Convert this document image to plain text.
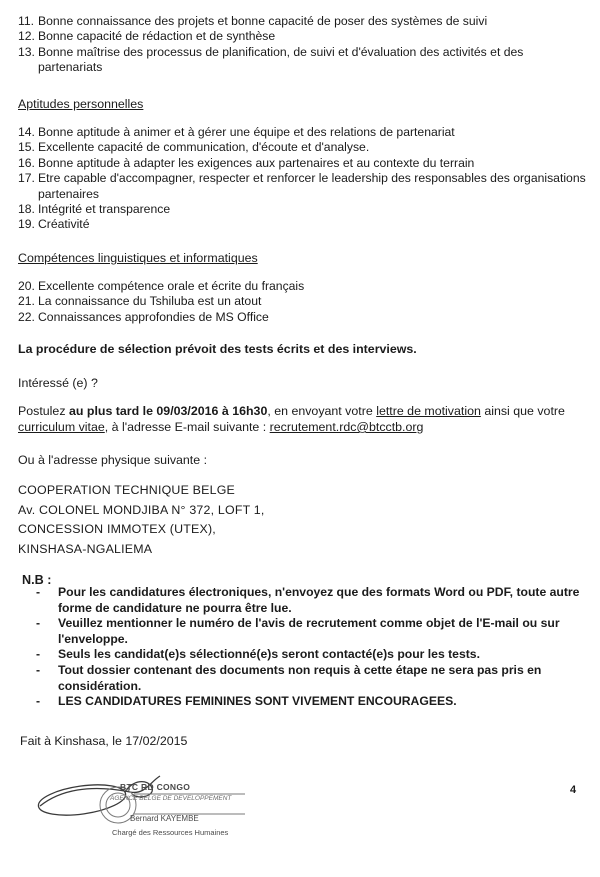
11. Bonne connaissance des projets et bonne capacité de poser des systèmes de suivi
12. Bonne capacité de rédaction et de synthèse
13. Bonne maîtrise des processus de planification, de suivi et d'évaluation des activités et des partenariats
Aptitudes personnelles
14. Bonne aptitude à animer et à gérer une équipe et des relations de partenariat
15. Excellente capacité de communication, d'écoute et d'analyse.
16. Bonne aptitude à adapter les exigences aux partenaires et au contexte du terrain
17. Etre capable d'accompagner, respecter et renforcer le leadership des responsables des organisations partenaires
18. Intégrité et transparence
19. Créativité
Compétences linguistiques et informatiques
20. Excellente compétence orale et écrite du français
21. La connaissance du Tshiluba est un atout
22. Connaissances approfondies de MS Office

La procédure de sélection prévoit des tests écrits et des interviews.

Intéressé (e) ?

Postulez au plus tard le 09/03/2016 à 16h30, en envoyant votre lettre de motivation ainsi que votre curriculum vitae, à l'adresse E-mail suivante : recrutement.rdc@btcctb.org

Ou à l'adresse physique suivante :

COOPERATION TECHNIQUE BELGE
Av. COLONEL MONDJIBA N° 372, LOFT 1,
CONCESSION IMMOTEX (UTEX),
KINSHASA-NGALIEMA
N.B :
- Pour les candidatures électroniques, n'envoyez que des formats Word ou PDF, toute autre forme de candidature ne pourra être lue.
- Veuillez mentionner le numéro de l'avis de recrutement comme objet de l'E-mail ou sur l'enveloppe.
- Seuls les candidat(e)s sélectionné(e)s seront contacté(e)s pour les tests.
- Tout dossier contenant des documents non requis à cette étape ne sera pas pris en considération.
- LES CANDIDATURES FEMININES SONT VIVEMENT ENCOURAGEES.
Fait à Kinshasa, le 17/02/2015
4
BTC RD CONGO
AGENCE BELGE DE DEVELOPPEMENT
Bernard KAYEMBE
Chargé des Ressources Humaines
